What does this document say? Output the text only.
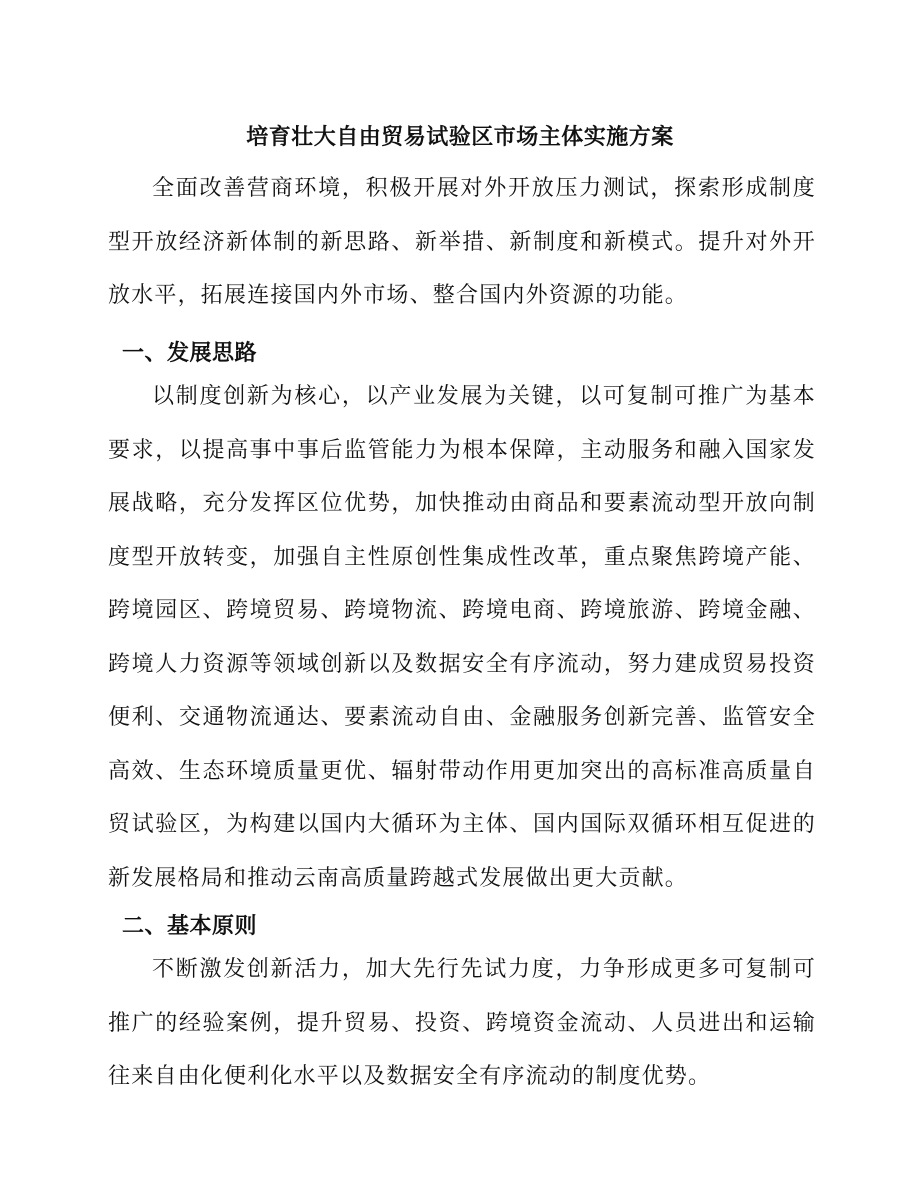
培育壮大自由贸易试验区市场主体实施方案

全面改善营商环境，积极开展对外开放压力测试，探索形成制度型开放经济新体制的新思路、新举措、新制度和新模式。提升对外开放水平，拓展连接国内外市场、整合国内外资源的功能。

一、发展思路

以制度创新为核心，以产业发展为关键，以可复制可推广为基本要求，以提高事中事后监管能力为根本保障，主动服务和融入国家发展战略，充分发挥区位优势，加快推动由商品和要素流动型开放向制度型开放转变，加强自主性原创性集成性改革，重点聚焦跨境产能、跨境园区、跨境贸易、跨境物流、跨境电商、跨境旅游、跨境金融、跨境人力资源等领域创新以及数据安全有序流动，努力建成贸易投资便利、交通物流通达、要素流动自由、金融服务创新完善、监管安全高效、生态环境质量更优、辐射带动作用更加突出的高标准高质量自贸试验区，为构建以国内大循环为主体、国内国际双循环相互促进的新发展格局和推动云南高质量跨越式发展做出更大贡献。

二、基本原则

不断激发创新活力，加大先行先试力度，力争形成更多可复制可推广的经验案例，提升贸易、投资、跨境资金流动、人员进出和运输往来自由化便利化水平以及数据安全有序流动的制度优势。
